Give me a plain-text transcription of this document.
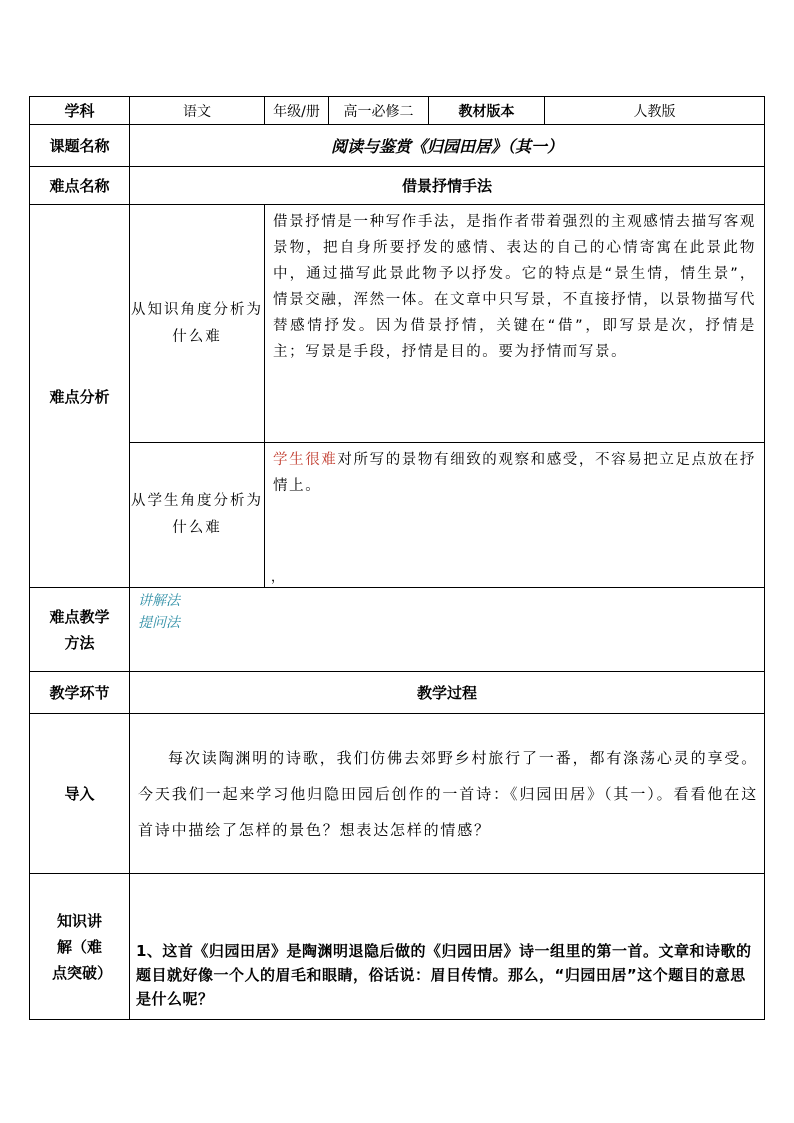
学科	语文	年级/册	高一必修二	教材版本	人教版
课题名称	阅读与鉴赏《归园田居》（其一）				
难点名称	借景抒情手法				
难点分析	从知识角度分析为什么难	借景抒情是一种写作手法，是指作者带着强烈的主观感情去描写客观景物，把自身所要抒发的感情、表达的自己的心情寄寓在此景此物中，通过描写此景此物予以抒发。它的特点是“景生情，情生景”，情景交融，浑然一体。在文章中只写景，不直接抒情，以景物描写代替感情抒发。因为借景抒情，关键在“借”，即写景是次，抒情是主；写景是手段，抒情是目的。要为抒情而写景。			

	从学生角度分析为什么难	学生很难对所写的景物有细致的观察和感受，不容易把立足点放在抒情上。
，			

难点教学方法	讲解法
提问法				

教学环节	教学过程				
导入	每次读陶渊明的诗歌，我们仿佛去郊野乡村旅行了一番，都有涤荡心灵的享受。今天我们一起来学习他归隐田园后创作的一首诗：《归园田居》（其一）。看看他在这首诗中描绘了怎样的景色？想表达怎样的情感？				

知识讲解（难点突破）	1、这首《归园田居》是陶渊明退隐后做的《归园田居》诗一组里的第一首。文章和诗歌的题目就好像一个人的眉毛和眼睛，俗话说：眉目传情。那么，“归园田居”这个题目的意思是什么呢？				
